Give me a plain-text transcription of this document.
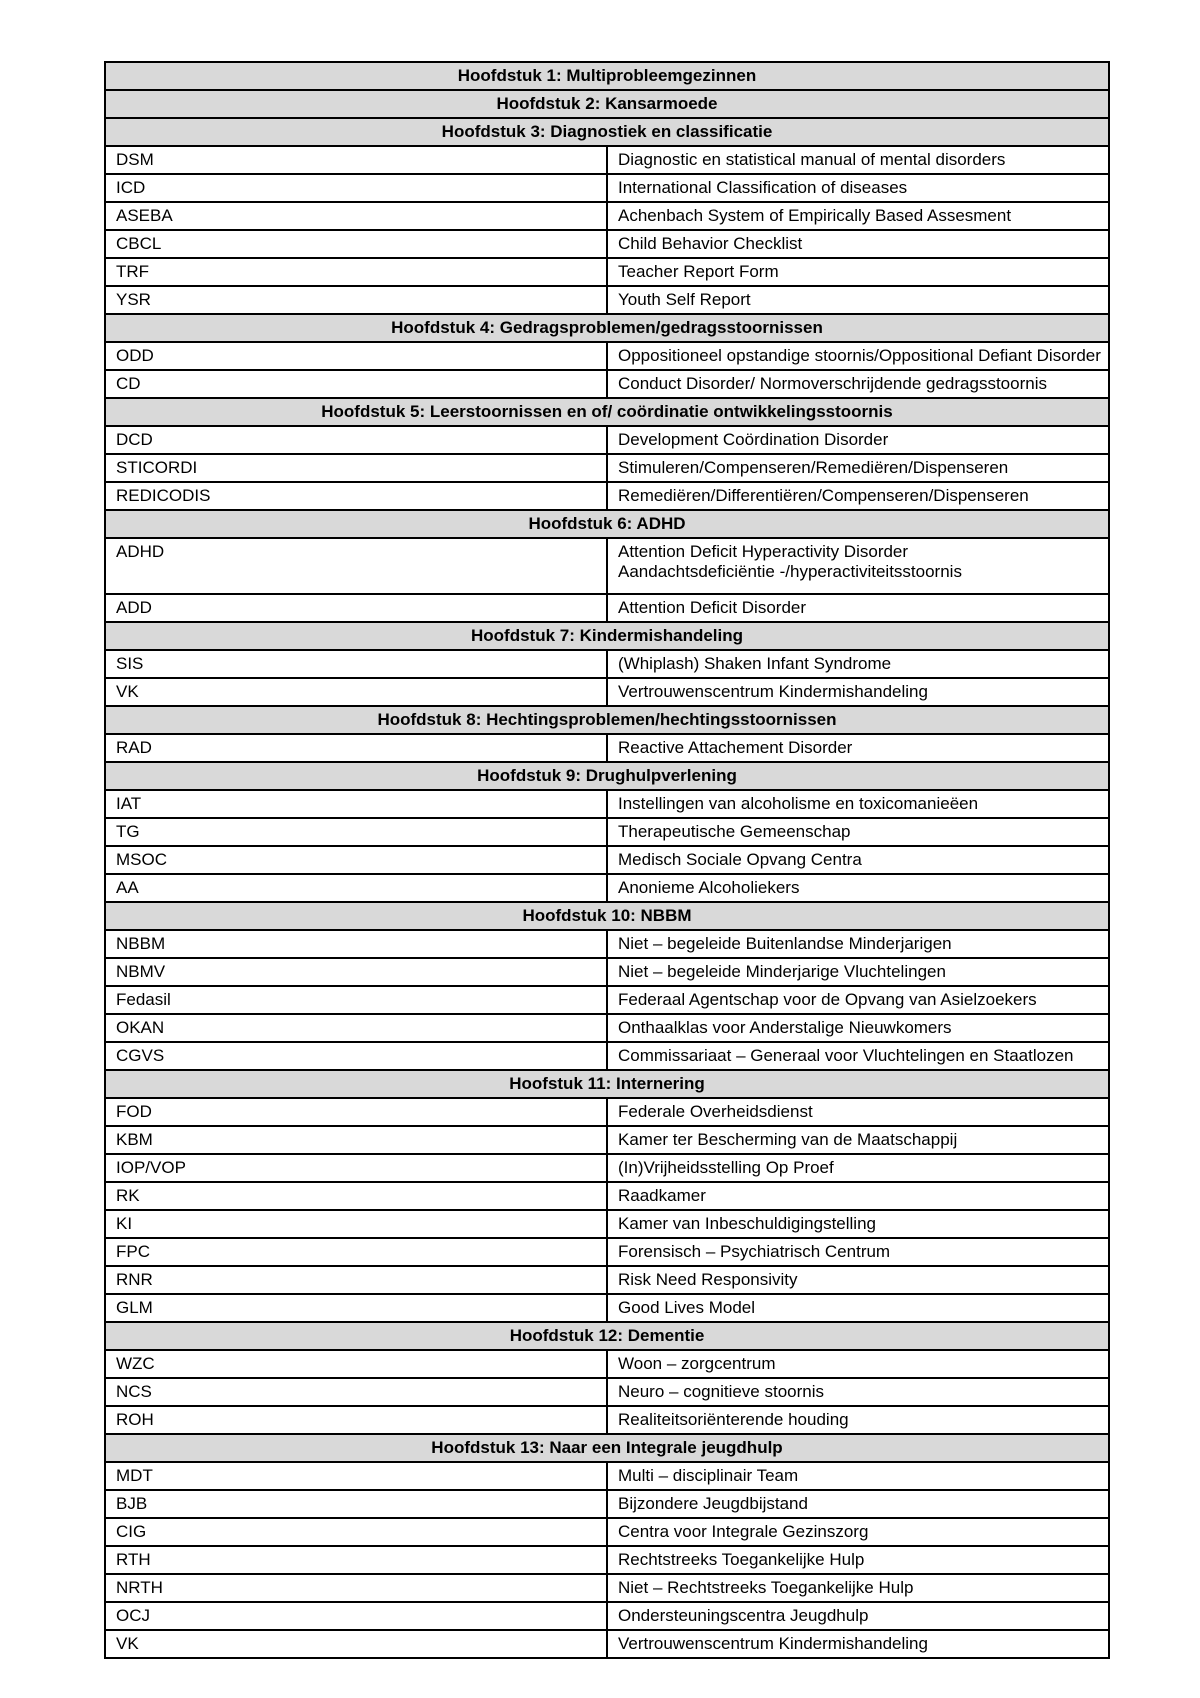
Hoofdstuk 1: Multiprobleemgezinnen	
Hoofdstuk 2: Kansarmoede	
Hoofdstuk 3: Diagnostiek en classificatie	
DSM	Diagnostic en statistical manual of mental disorders
ICD	International Classification of diseases
ASEBA	Achenbach System of Empirically Based Assesment
CBCL	Child Behavior Checklist
TRF	Teacher Report Form
YSR	Youth Self Report
Hoofdstuk 4: Gedragsproblemen/gedragsstoornissen	
ODD	Oppositioneel opstandige stoornis/Oppositional Defiant Disorder
CD	Conduct Disorder/ Normoverschrijdende gedragsstoornis
Hoofdstuk 5: Leerstoornissen en of/ coördinatie ontwikkelingsstoornis	
DCD	Development Coördination Disorder
STICORDI	Stimuleren/Compenseren/Remediëren/Dispenseren
REDICODIS	Remediëren/Differentiëren/Compenseren/Dispenseren
Hoofdstuk 6: ADHD	
ADHD	Attention Deficit Hyperactivity Disorder
Aandachtsdeficiëntie -/hyperactiviteitsstoornis

ADD	Attention Deficit Disorder
Hoofdstuk 7: Kindermishandeling	
SIS	(Whiplash) Shaken Infant Syndrome
VK	Vertrouwenscentrum Kindermishandeling
Hoofdstuk 8: Hechtingsproblemen/hechtingsstoornissen	
RAD	Reactive Attachement Disorder
Hoofdstuk 9: Drughulpverlening	
IAT	Instellingen van alcoholisme en toxicomanieëen
TG	Therapeutische Gemeenschap
MSOC	Medisch Sociale Opvang Centra
AA	Anonieme Alcoholiekers
Hoofdstuk 10: NBBM	
NBBM	Niet – begeleide Buitenlandse Minderjarigen
NBMV	Niet – begeleide Minderjarige Vluchtelingen
Fedasil	Federaal Agentschap voor de Opvang van Asielzoekers
OKAN	Onthaalklas voor Anderstalige Nieuwkomers
CGVS	Commissariaat – Generaal voor Vluchtelingen en Staatlozen
Hoofstuk 11: Internering	
FOD	Federale Overheidsdienst
KBM	Kamer ter Bescherming van de Maatschappij
IOP/VOP	(In)Vrijheidsstelling Op Proef
RK	Raadkamer
KI	Kamer van Inbeschuldigingstelling
FPC	Forensisch – Psychiatrisch Centrum
RNR	Risk Need Responsivity
GLM	Good Lives Model
Hoofdstuk 12: Dementie	
WZC	Woon – zorgcentrum
NCS	Neuro – cognitieve stoornis
ROH	Realiteitsoriënterende houding
Hoofdstuk 13: Naar een Integrale jeugdhulp	
MDT	Multi – disciplinair Team
BJB	Bijzondere Jeugdbijstand
CIG	Centra voor Integrale Gezinszorg
RTH	Rechtstreeks Toegankelijke Hulp
NRTH	Niet – Rechtstreeks Toegankelijke Hulp
OCJ	Ondersteuningscentra Jeugdhulp
VK	Vertrouwenscentrum Kindermishandeling
